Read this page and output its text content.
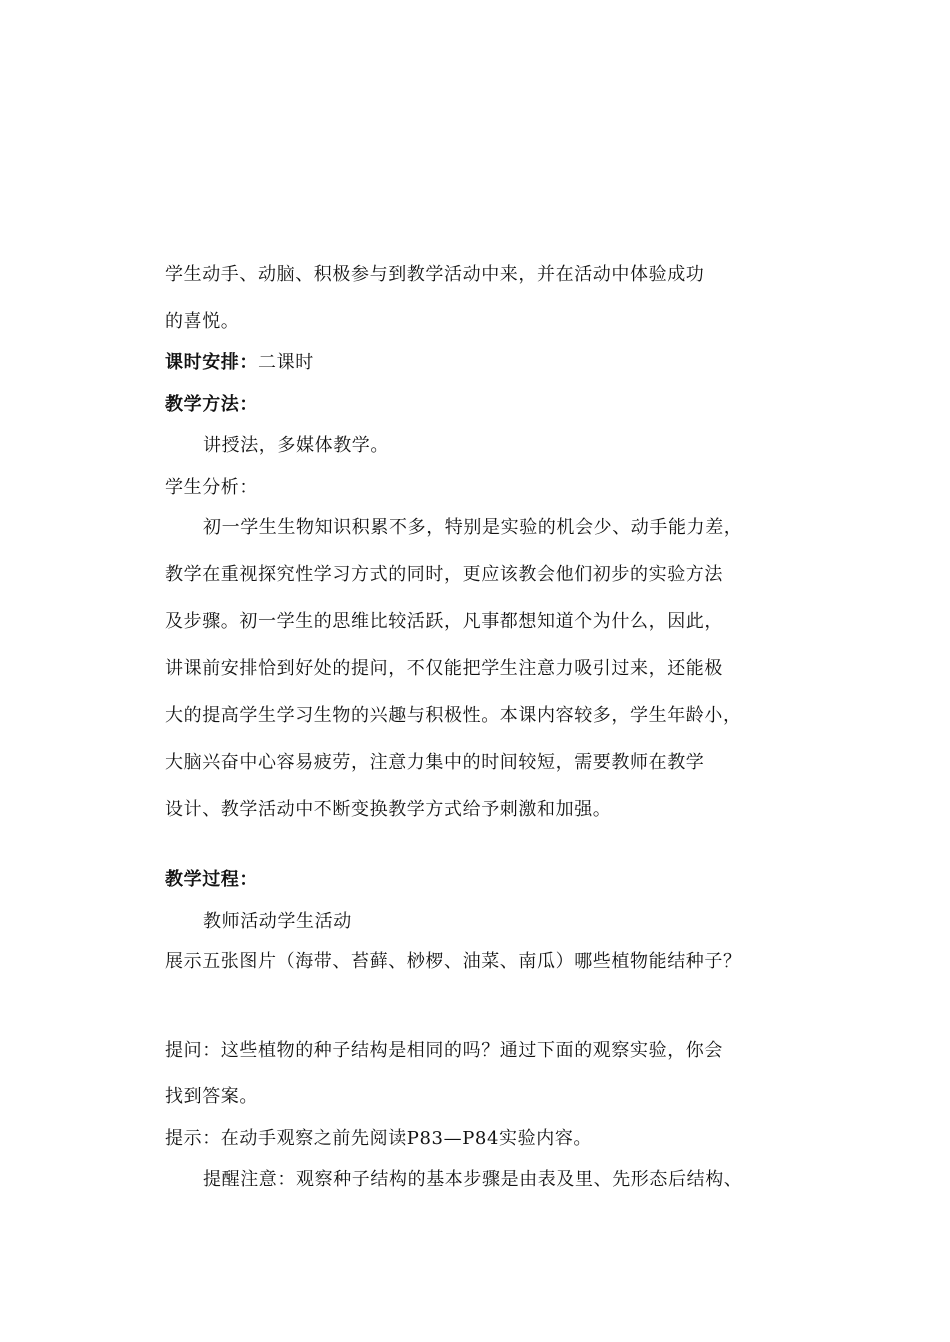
学生动手、动脑、积极参与到教学活动中来，并在活动中体验成功
的喜悦。
课时安排：二课时
教学方法：
讲授法，多媒体教学。
学生分析：
初一学生生物知识积累不多，特别是实验的机会少、动手能力差，
教学在重视探究性学习方式的同时，更应该教会他们初步的实验方法
及步骤。初一学生的思维比较活跃，凡事都想知道个为什么，因此，
讲课前安排恰到好处的提问，不仅能把学生注意力吸引过来，还能极
大的提高学生学习生物的兴趣与积极性。本课内容较多，学生年龄小，
大脑兴奋中心容易疲劳，注意力集中的时间较短，需要教师在教学
设计、教学活动中不断变换教学方式给予刺激和加强。
教学过程：
教师活动学生活动
展示五张图片（海带、苔藓、桫椤、油菜、南瓜）哪些植物能结种子？
提问：这些植物的种子结构是相同的吗？通过下面的观察实验，你会
找到答案。
提示：在动手观察之前先阅读P83—P84实验内容。
提醒注意：观察种子结构的基本步骤是由表及里、先形态后结构、
